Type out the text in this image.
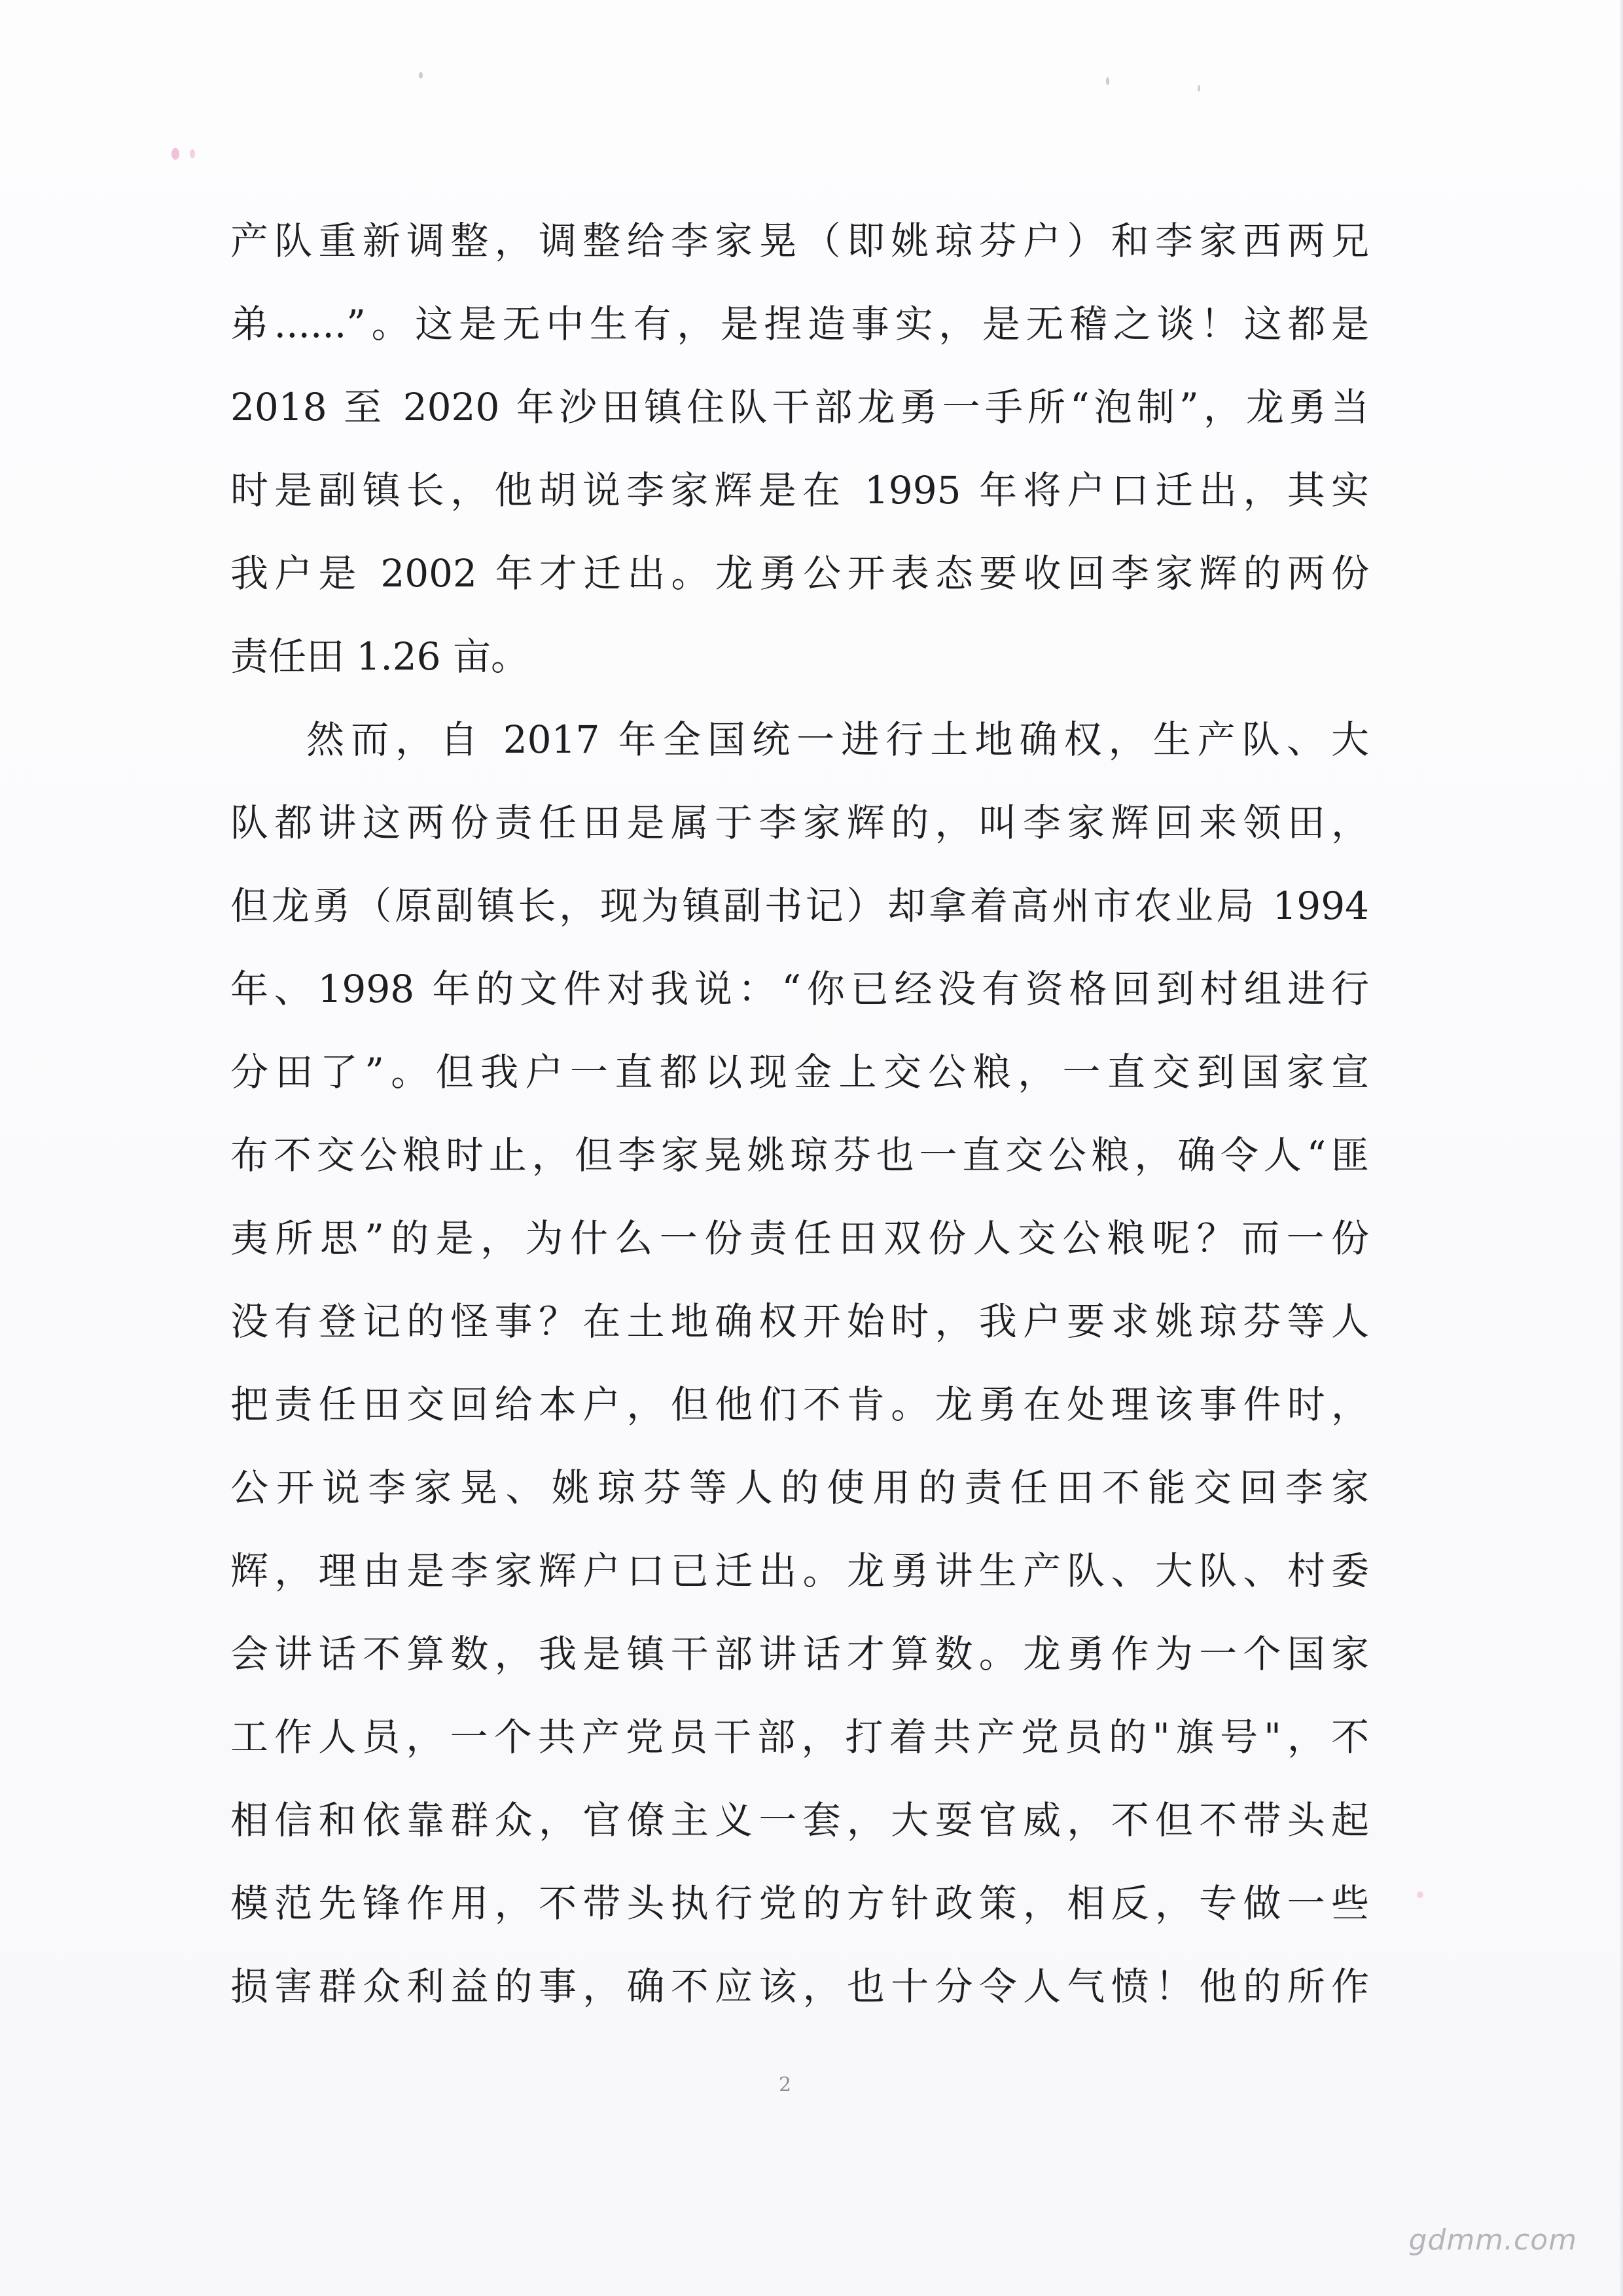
产队重新调整，调整给李家晃（即姚琼芬户）和李家西两兄
弟......”。这是无中生有，是捏造事实，是无稽之谈！这都是
2018 至 2020 年沙田镇住队干部龙勇一手所“泡制”，龙勇当
时是副镇长，他胡说李家辉是在 1995 年将户口迁出，其实
我户是 2002 年才迁出。龙勇公开表态要收回李家辉的两份
责任田 1.26 亩。
然而，自 2017 年全国统一进行土地确权，生产队、大
队都讲这两份责任田是属于李家辉的，叫李家辉回来领田，
但龙勇（原副镇长，现为镇副书记）却拿着高州市农业局 1994
年、1998 年的文件对我说：“你已经没有资格回到村组进行
分田了”。但我户一直都以现金上交公粮，一直交到国家宣
布不交公粮时止，但李家晃姚琼芬也一直交公粮，确令人“匪
夷所思”的是，为什么一份责任田双份人交公粮呢？而一份
没有登记的怪事？在土地确权开始时，我户要求姚琼芬等人
把责任田交回给本户，但他们不肯。龙勇在处理该事件时，
公开说李家晃、姚琼芬等人的使用的责任田不能交回李家
辉，理由是李家辉户口已迁出。龙勇讲生产队、大队、村委
会讲话不算数，我是镇干部讲话才算数。龙勇作为一个国家
工作人员，一个共产党员干部，打着共产党员的"旗号"，不
相信和依靠群众，官僚主义一套，大耍官威，不但不带头起
模范先锋作用，不带头执行党的方针政策，相反，专做一些
损害群众利益的事，确不应该，也十分令人气愤！他的所作
2
gdmm.com
